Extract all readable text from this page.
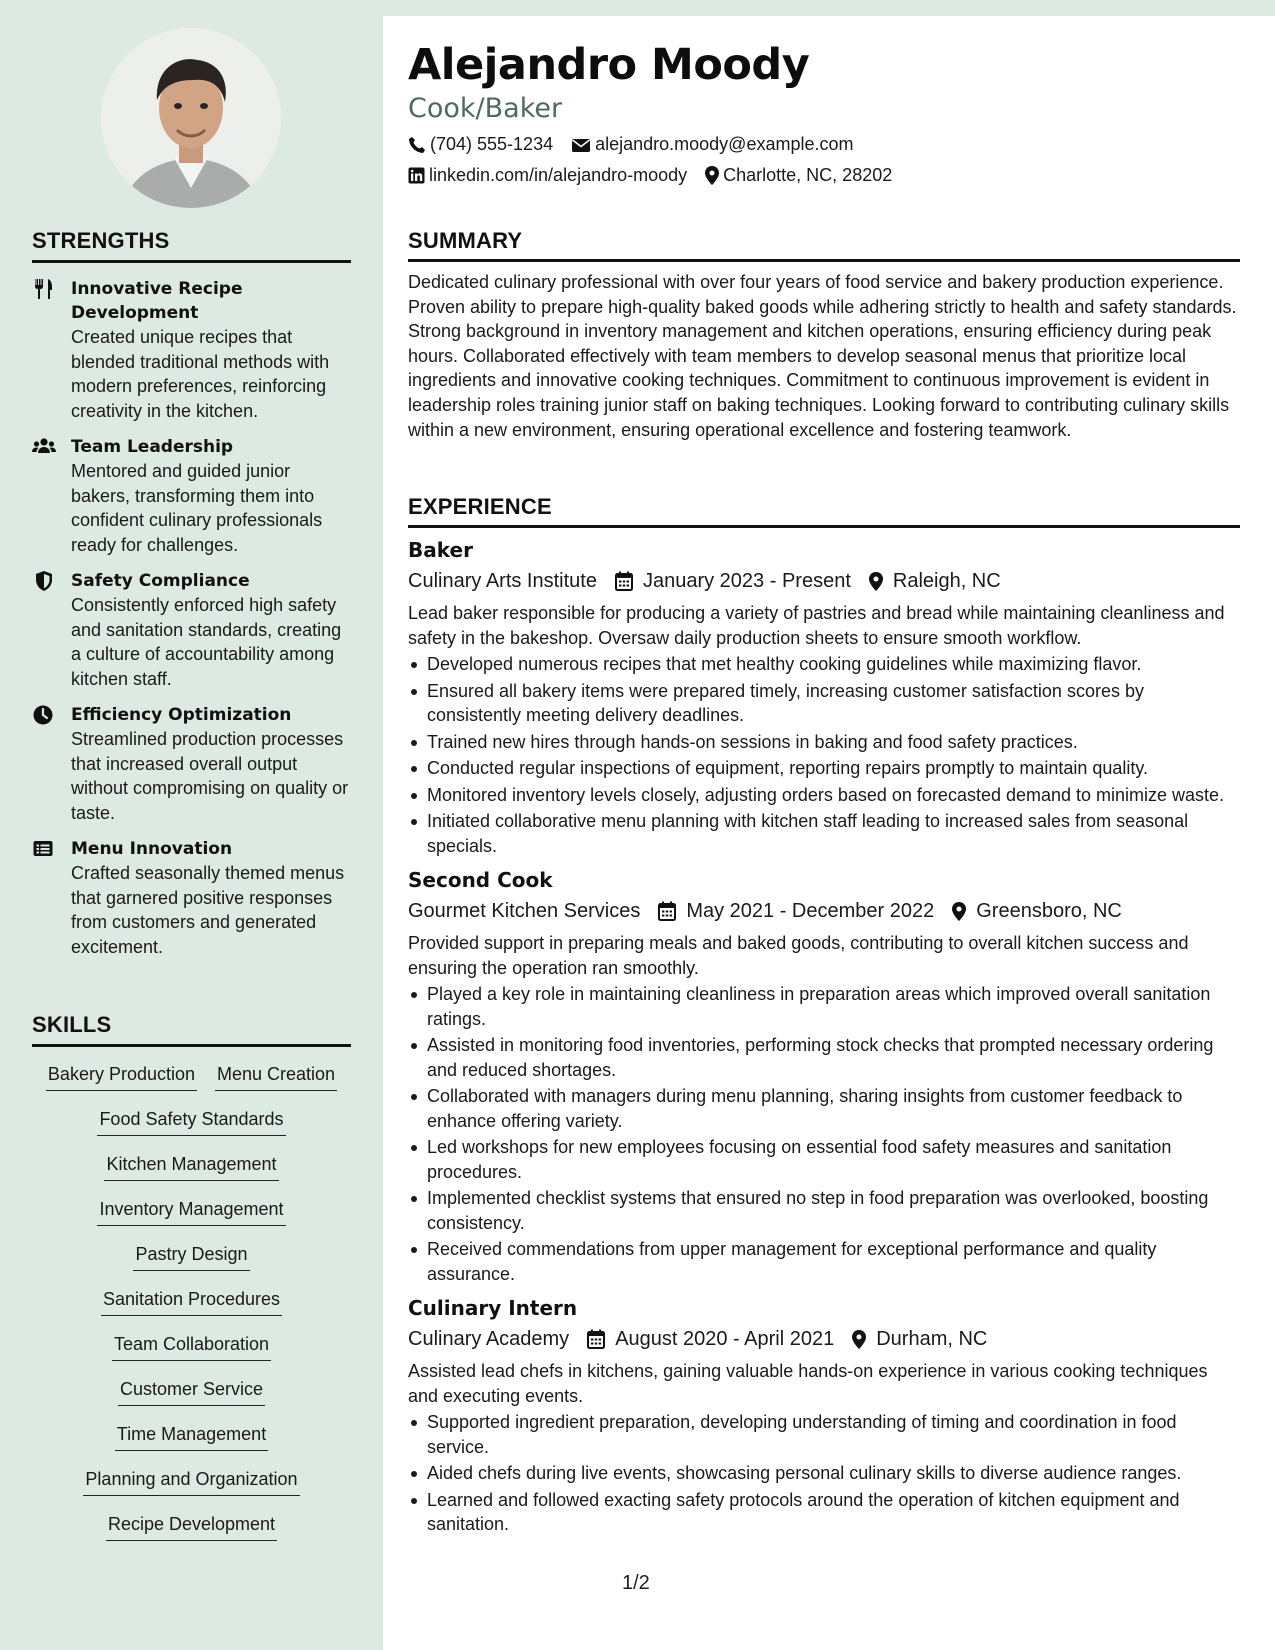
STRENGTHS
Innovative Recipe Development
Created unique recipes that blended traditional methods with modern preferences, reinforcing creativity in the kitchen.
Team Leadership
Mentored and guided junior bakers, transforming them into confident culinary professionals ready for challenges.
Safety Compliance
Consistently enforced high safety and sanitation standards, creating a culture of accountability among kitchen staff.
Efficiency Optimization
Streamlined production processes that increased overall output without compromising on quality or taste.
Menu Innovation
Crafted seasonally themed menus that garnered positive responses from customers and generated excitement.
SKILLS
Bakery Production Menu Creation
Food Safety Standards
Kitchen Management
Inventory Management
Pastry Design
Sanitation Procedures
Team Collaboration
Customer Service
Time Management
Planning and Organization
Recipe Development
Alejandro Moody
Cook/Baker
(704) 555-1234 alejandro.moody@example.com
linkedin.com/in/alejandro-moody Charlotte, NC, 28202
SUMMARY
Dedicated culinary professional with over four years of food service and bakery production experience. Proven ability to prepare high-quality baked goods while adhering strictly to health and safety standards. Strong background in inventory management and kitchen operations, ensuring efficiency during peak hours. Collaborated effectively with team members to develop seasonal menus that prioritize local ingredients and innovative cooking techniques. Commitment to continuous improvement is evident in leadership roles training junior staff on baking techniques. Looking forward to contributing culinary skills within a new environment, ensuring operational excellence and fostering teamwork.
EXPERIENCE
Baker
Culinary Arts Institute January 2023 - Present Raleigh, NC
Lead baker responsible for producing a variety of pastries and bread while maintaining cleanliness and safety in the bakeshop. Oversaw daily production sheets to ensure smooth workflow.
Developed numerous recipes that met healthy cooking guidelines while maximizing flavor.
Ensured all bakery items were prepared timely, increasing customer satisfaction scores by consistently meeting delivery deadlines.
Trained new hires through hands-on sessions in baking and food safety practices.
Conducted regular inspections of equipment, reporting repairs promptly to maintain quality.
Monitored inventory levels closely, adjusting orders based on forecasted demand to minimize waste.
Initiated collaborative menu planning with kitchen staff leading to increased sales from seasonal specials.
Second Cook
Gourmet Kitchen Services May 2021 - December 2022 Greensboro, NC
Provided support in preparing meals and baked goods, contributing to overall kitchen success and ensuring the operation ran smoothly.
Played a key role in maintaining cleanliness in preparation areas which improved overall sanitation ratings.
Assisted in monitoring food inventories, performing stock checks that prompted necessary ordering and reduced shortages.
Collaborated with managers during menu planning, sharing insights from customer feedback to enhance offering variety.
Led workshops for new employees focusing on essential food safety measures and sanitation procedures.
Implemented checklist systems that ensured no step in food preparation was overlooked, boosting consistency.
Received commendations from upper management for exceptional performance and quality assurance.
Culinary Intern
Culinary Academy August 2020 - April 2021 Durham, NC
Assisted lead chefs in kitchens, gaining valuable hands-on experience in various cooking techniques and executing events.
Supported ingredient preparation, developing understanding of timing and coordination in food service.
Aided chefs during live events, showcasing personal culinary skills to diverse audience ranges.
Learned and followed exacting safety protocols around the operation of kitchen equipment and sanitation.
1/2
